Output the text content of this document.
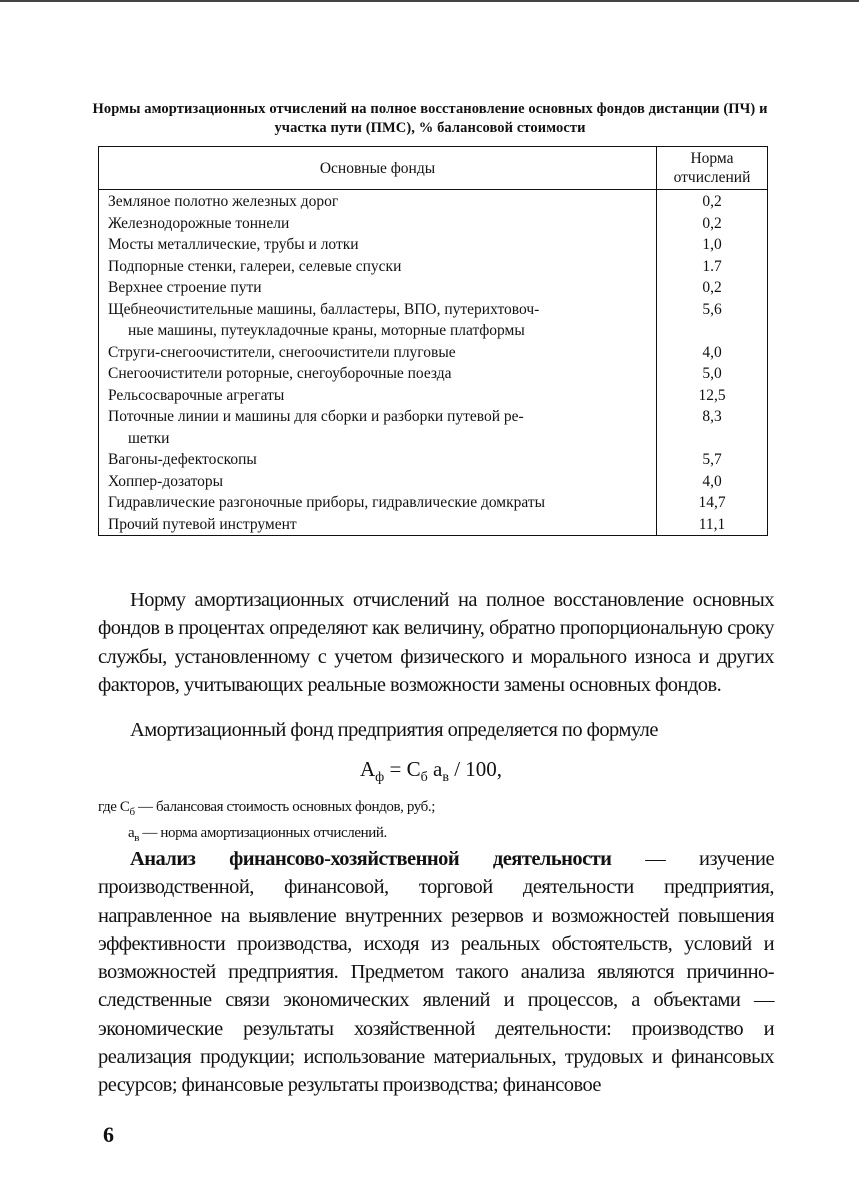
Нормы амортизационных отчислений на полное восстановление основных фондов дистанции (ПЧ) и участка пути (ПМС), % балансовой стоимости
Основные фонды	Норма отчислений
Земляное полотно железных дорог	0,2
Железнодорожные тоннели	0,2
Мосты металлические, трубы и лотки	1,0
Подпорные стенки, галереи, селевые спуски	1.7
Верхнее строение пути	0,2
Щебнеочистительные машины, балластеры, ВПО, путерихтовоч-
ные машины, путеукладочные краны, моторные платформы	5,6
Струги-снегоочистители, снегоочистители плуговые	4,0
Снегоочистители роторные, снегоуборочные поезда	5,0
Рельсосварочные агрегаты	12,5
Поточные линии и машины для сборки и разборки путевой ре-
шетки	8,3
Вагоны-дефектоскопы	5,7
Хоппер-дозаторы	4,0
Гидравлические разгоночные приборы, гидравлические домкраты	14,7
Прочий путевой инструмент	11,1
Норму амортизационных отчислений на полное восстановление основных фондов в процентах определяют как величину, обратно пропорциональную сроку службы, установленному с учетом физического и морального износа и других факторов, учитывающих реальные возможности замены основных фондов.
Амортизационный фонд предприятия определяется по формуле
$А_ф = С_б$ $а_в / 100$,
где $С_б$ — балансовая стоимость основных фондов, руб.;
$а_в$ — норма амортизационных отчислений.
Анализ финансово-хозяйственной деятельности — изучение производственной, финансовой, торговой деятельности предприятия, направленное на выявление внутренних резервов и возможностей повышения эффективности производства, исходя из реальных обстоятельств, условий и возможностей предприятия. Предметом такого анализа являются причинно-следственные связи экономических явлений и процессов, а объектами — экономические результаты хозяйственной деятельности: производство и реализация продукции; использование материальных, трудовых и финансовых ресурсов; финансовые результаты производства; финансовое
6
